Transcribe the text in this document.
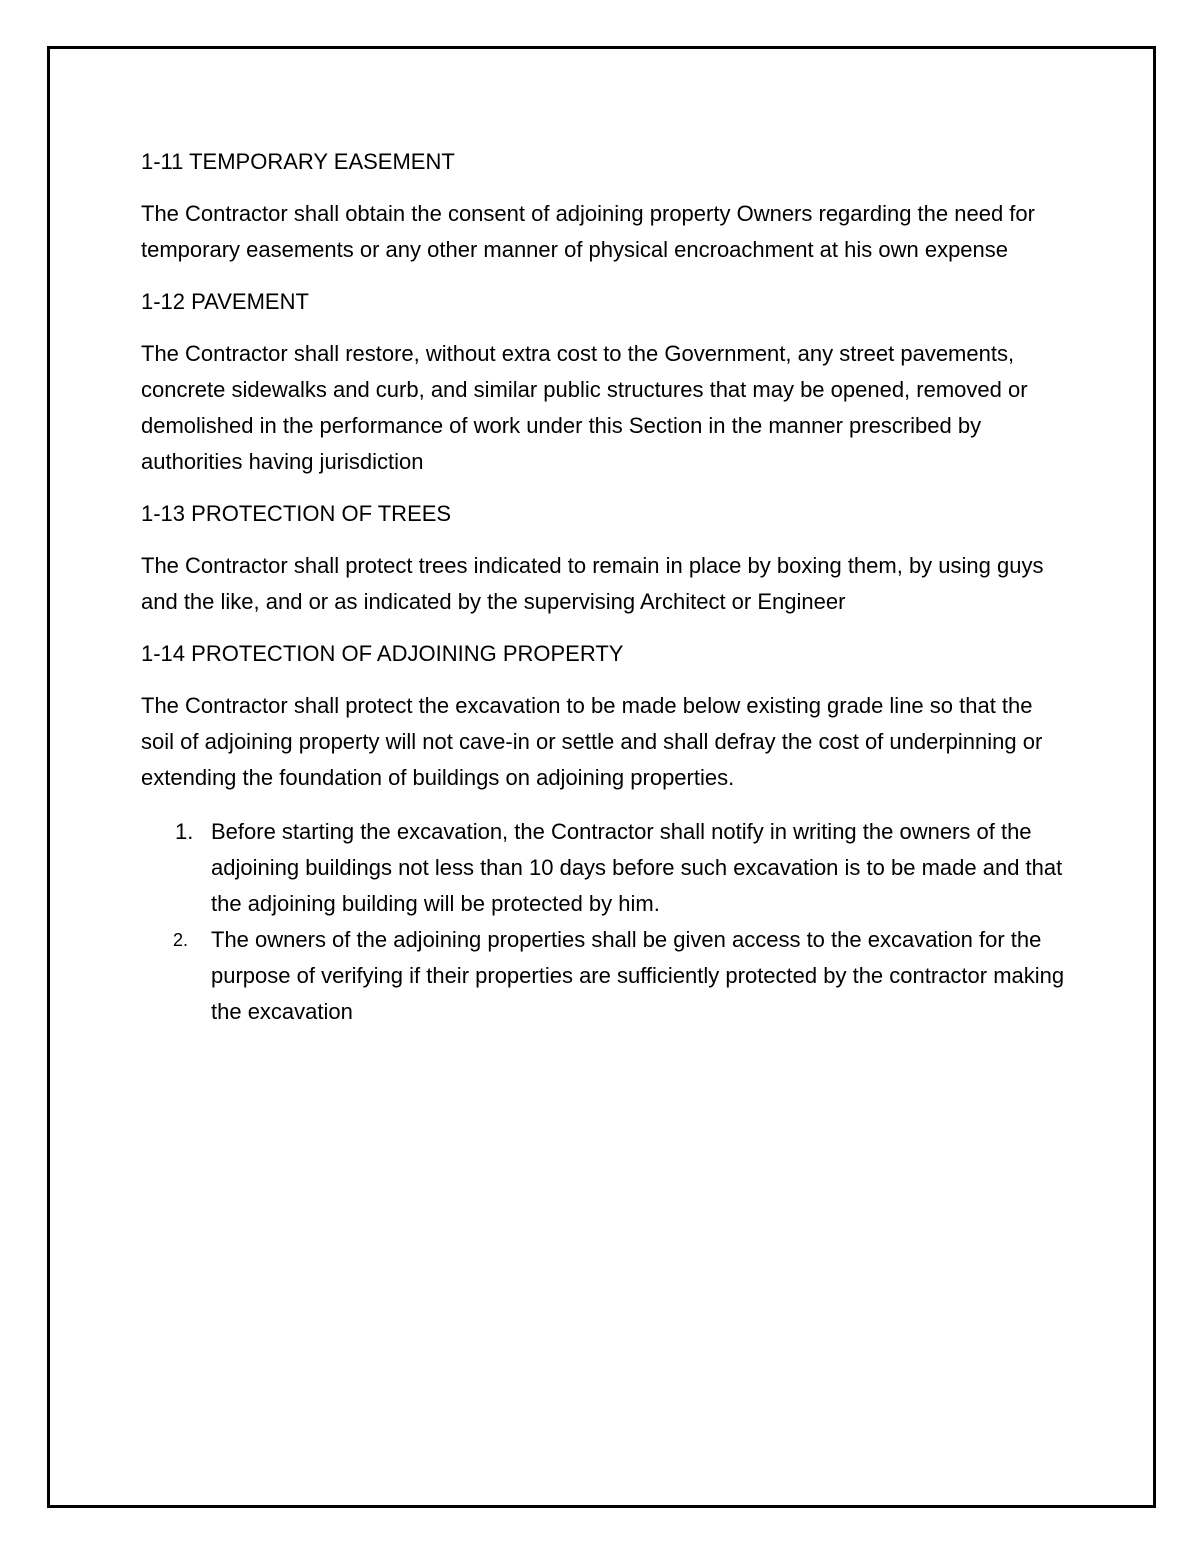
1-11 TEMPORARY EASEMENT

The Contractor shall obtain the consent of adjoining property Owners regarding the need for temporary easements or any other manner of physical encroachment at his own expense

1-12 PAVEMENT

The Contractor shall restore, without extra cost to the Government, any street pavements, concrete sidewalks and curb, and similar public structures that may be opened, removed or demolished in the performance of work under this Section in the manner prescribed by authorities having jurisdiction

1-13 PROTECTION OF TREES

The Contractor shall protect trees indicated to remain in place by boxing them, by using guys and the like, and or as indicated by the supervising Architect or Engineer

1-14 PROTECTION OF ADJOINING PROPERTY

The Contractor shall protect the excavation to be made below existing grade line so that the soil of adjoining property will not cave-in or settle and shall defray the cost of underpinning or extending the foundation of buildings on adjoining properties.

1. Before starting the excavation, the Contractor shall notify in writing the owners of the adjoining buildings not less than 10 days before such excavation is to be made and that the adjoining building will be protected by him.
2. The owners of the adjoining properties shall be given access to the excavation for the purpose of verifying if their properties are sufficiently protected by the contractor making the excavation
